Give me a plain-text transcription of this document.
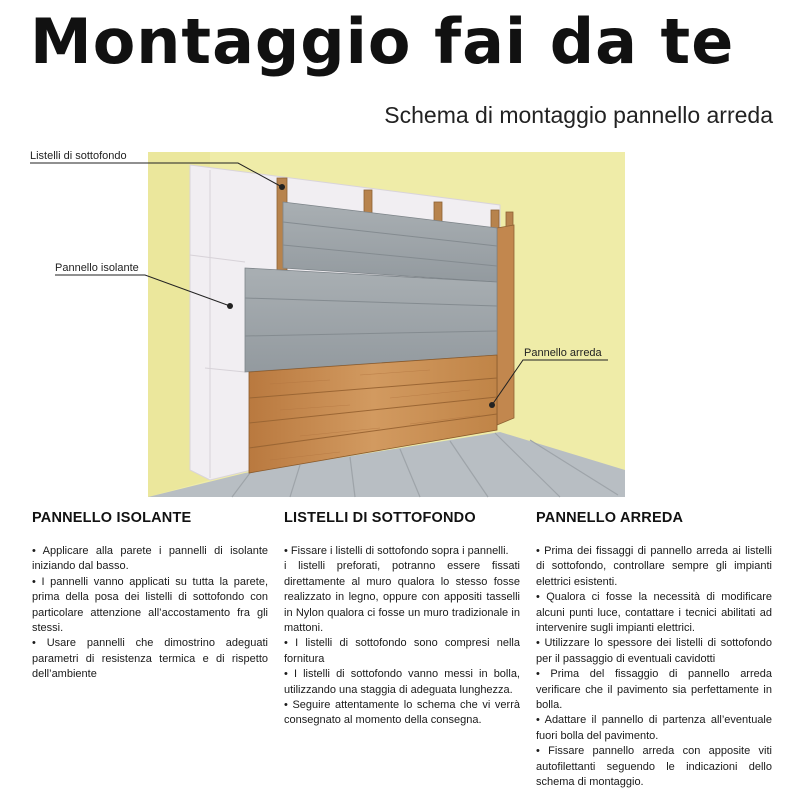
Montaggio fai da te

Schema di montaggio pannello arreda

Listelli di sottofondo
Pannello isolante
Pannello arreda
PANNELLO ISOLANTE
• Applicare alla parete i pannelli di isolante iniziando dal basso.
• I pannelli vanno applicati su tutta la parete, prima della posa dei listelli di sottofondo con particolare attenzione all’accostamento fra gli stessi.
• Usare pannelli che dimostrino adeguati parametri di resistenza termica e di rispetto dell’ambiente
LISTELLI DI SOTTOFONDO
• Fissare i listelli di sottofondo sopra i pannelli.
i listelli preforati, potranno essere fissati direttamente al muro qualora lo stesso fosse realizzato in legno, oppure con appositi tasselli in Nylon qualora ci fosse un muro tradizionale in mattoni.
• I listelli di sottofondo sono compresi nella fornitura
• I listelli di sottofondo vanno messi in bolla, utilizzando una staggia di adeguata lunghezza.
• Seguire attentamente lo schema che vi verrà consegnato al momento della consegna.
PANNELLO ARREDA
• Prima dei fissaggi di pannello arreda ai listelli di sottofondo, controllare sempre gli impianti elettrici esistenti.
• Qualora ci fosse la necessità di modificare alcuni punti luce, contattare i tecnici abilitati ad intervenire sugli impianti elettrici.
• Utilizzare lo spessore dei listelli di sottofondo per il passaggio di eventuali cavidotti
• Prima del fissaggio di pannello arreda verificare che il pavimento sia perfettamente in bolla.
• Adattare il pannello di partenza all’eventuale fuori bolla del pavimento.
• Fissare pannello arreda con apposite viti autofilettanti seguendo le indicazioni dello schema di montaggio.
